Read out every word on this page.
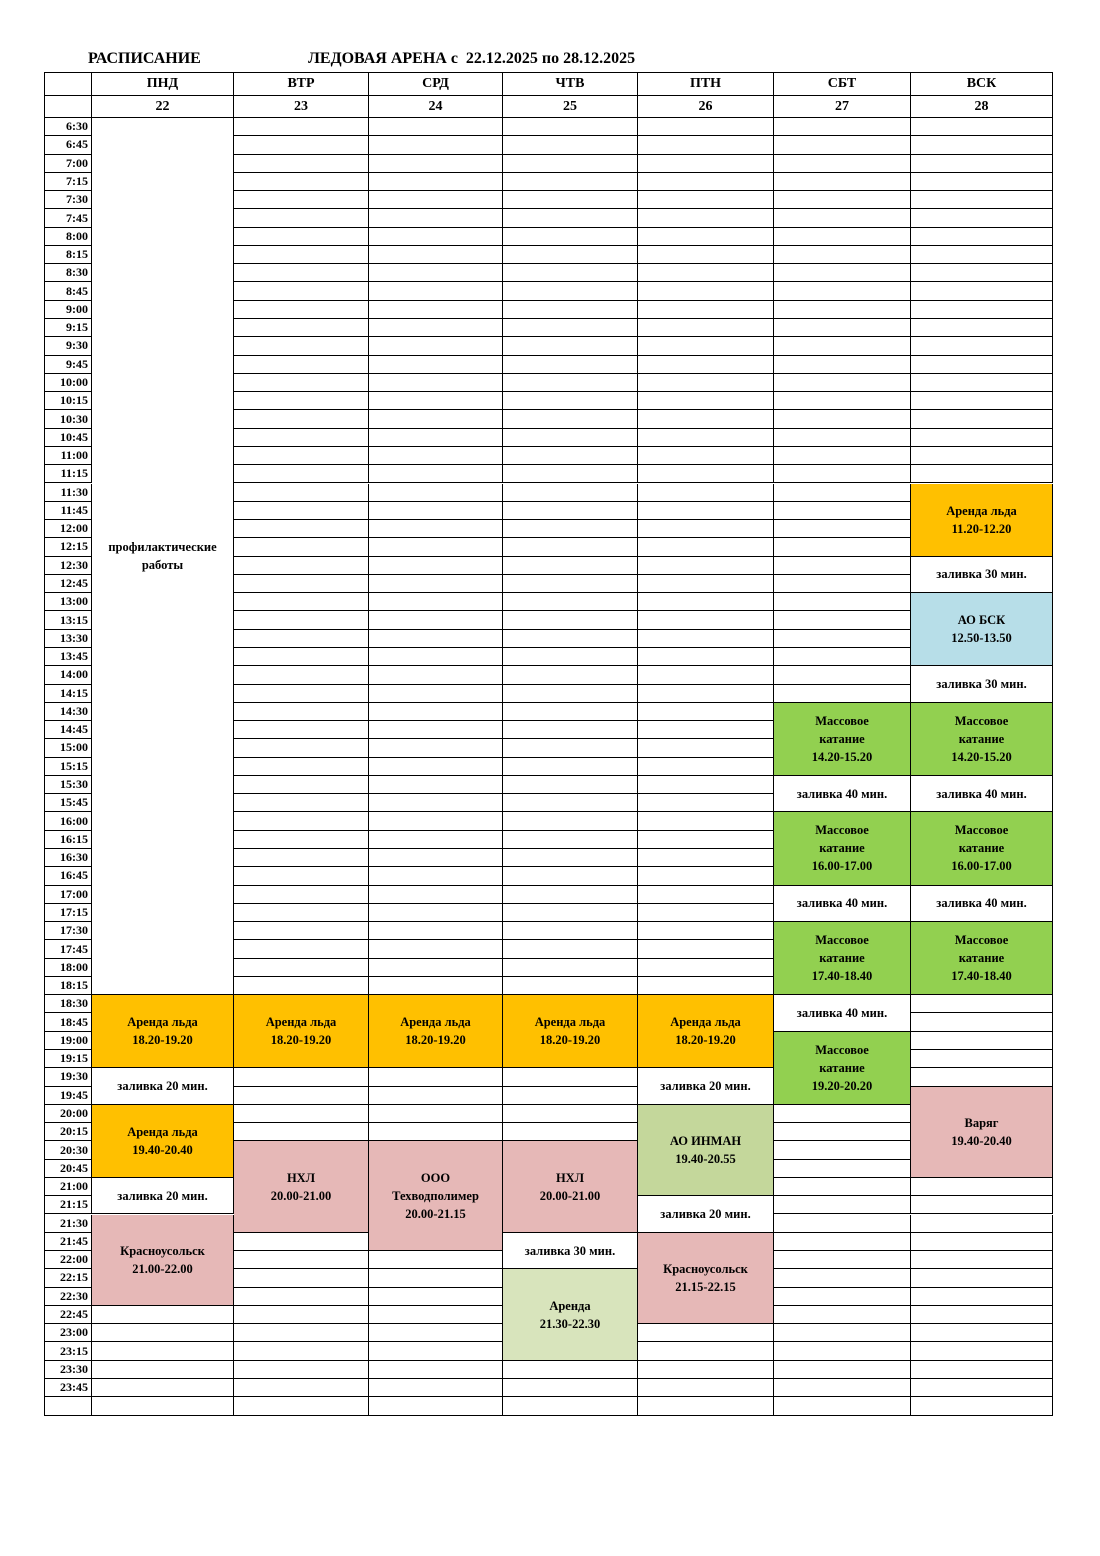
РАСПИСАНИЕ	ЛЕДОВАЯ АРЕНА с  22.12.2025 по 28.12.2025
ПНД
22
ВТР
23
СРД
24
ЧТВ
25
ПТН
26
СБТ
27
ВСК
28
6:30
6:45
7:00
7:15
7:30
7:45
8:00
8:15
8:30
8:45
9:00
9:15
9:30
9:45
10:00
10:15
10:30
10:45
11:00
11:15
11:30
11:45
12:00
12:15
12:30
12:45
13:00
13:15
13:30
13:45
14:00
14:15
14:30
14:45
15:00
15:15
15:30
15:45
16:00
16:15
16:30
16:45
17:00
17:15
17:30
17:45
18:00
18:15
18:30
18:45
19:00
19:15
19:30
19:45
20:00
20:15
20:30
20:45
21:00
21:15
21:30
21:45
22:00
22:15
22:30
22:45
23:00
23:15
23:30
23:45
профилактические
работы
Аренда льда
18.20-19.20
заливка 20 мин.
Аренда льда
19.40-20.40
заливка 20 мин.
Красноусольск
21.00-22.00
Аренда льда
18.20-19.20
НХЛ
20.00-21.00
Аренда льда
18.20-19.20
ООО
Техводполимер
20.00-21.15
Аренда льда
18.20-19.20
НХЛ
20.00-21.00
заливка 30 мин.
Аренда
21.30-22.30
Аренда льда
18.20-19.20
заливка 20 мин.
АО ИНМАН
19.40-20.55
заливка 20 мин.
Красноусольск
21.15-22.15
Массовое
катание
14.20-15.20
заливка 40 мин.
Массовое
катание
16.00-17.00
заливка 40 мин.
Массовое
катание
17.40-18.40
заливка 40 мин.
Массовое
катание
19.20-20.20
Аренда льда
11.20-12.20
заливка 30 мин.
АО БСК
12.50-13.50
заливка 30 мин.
Массовое
катание
14.20-15.20
заливка 40 мин.
Массовое
катание
16.00-17.00
заливка 40 мин.
Массовое
катание
17.40-18.40
Варяг
19.40-20.40
